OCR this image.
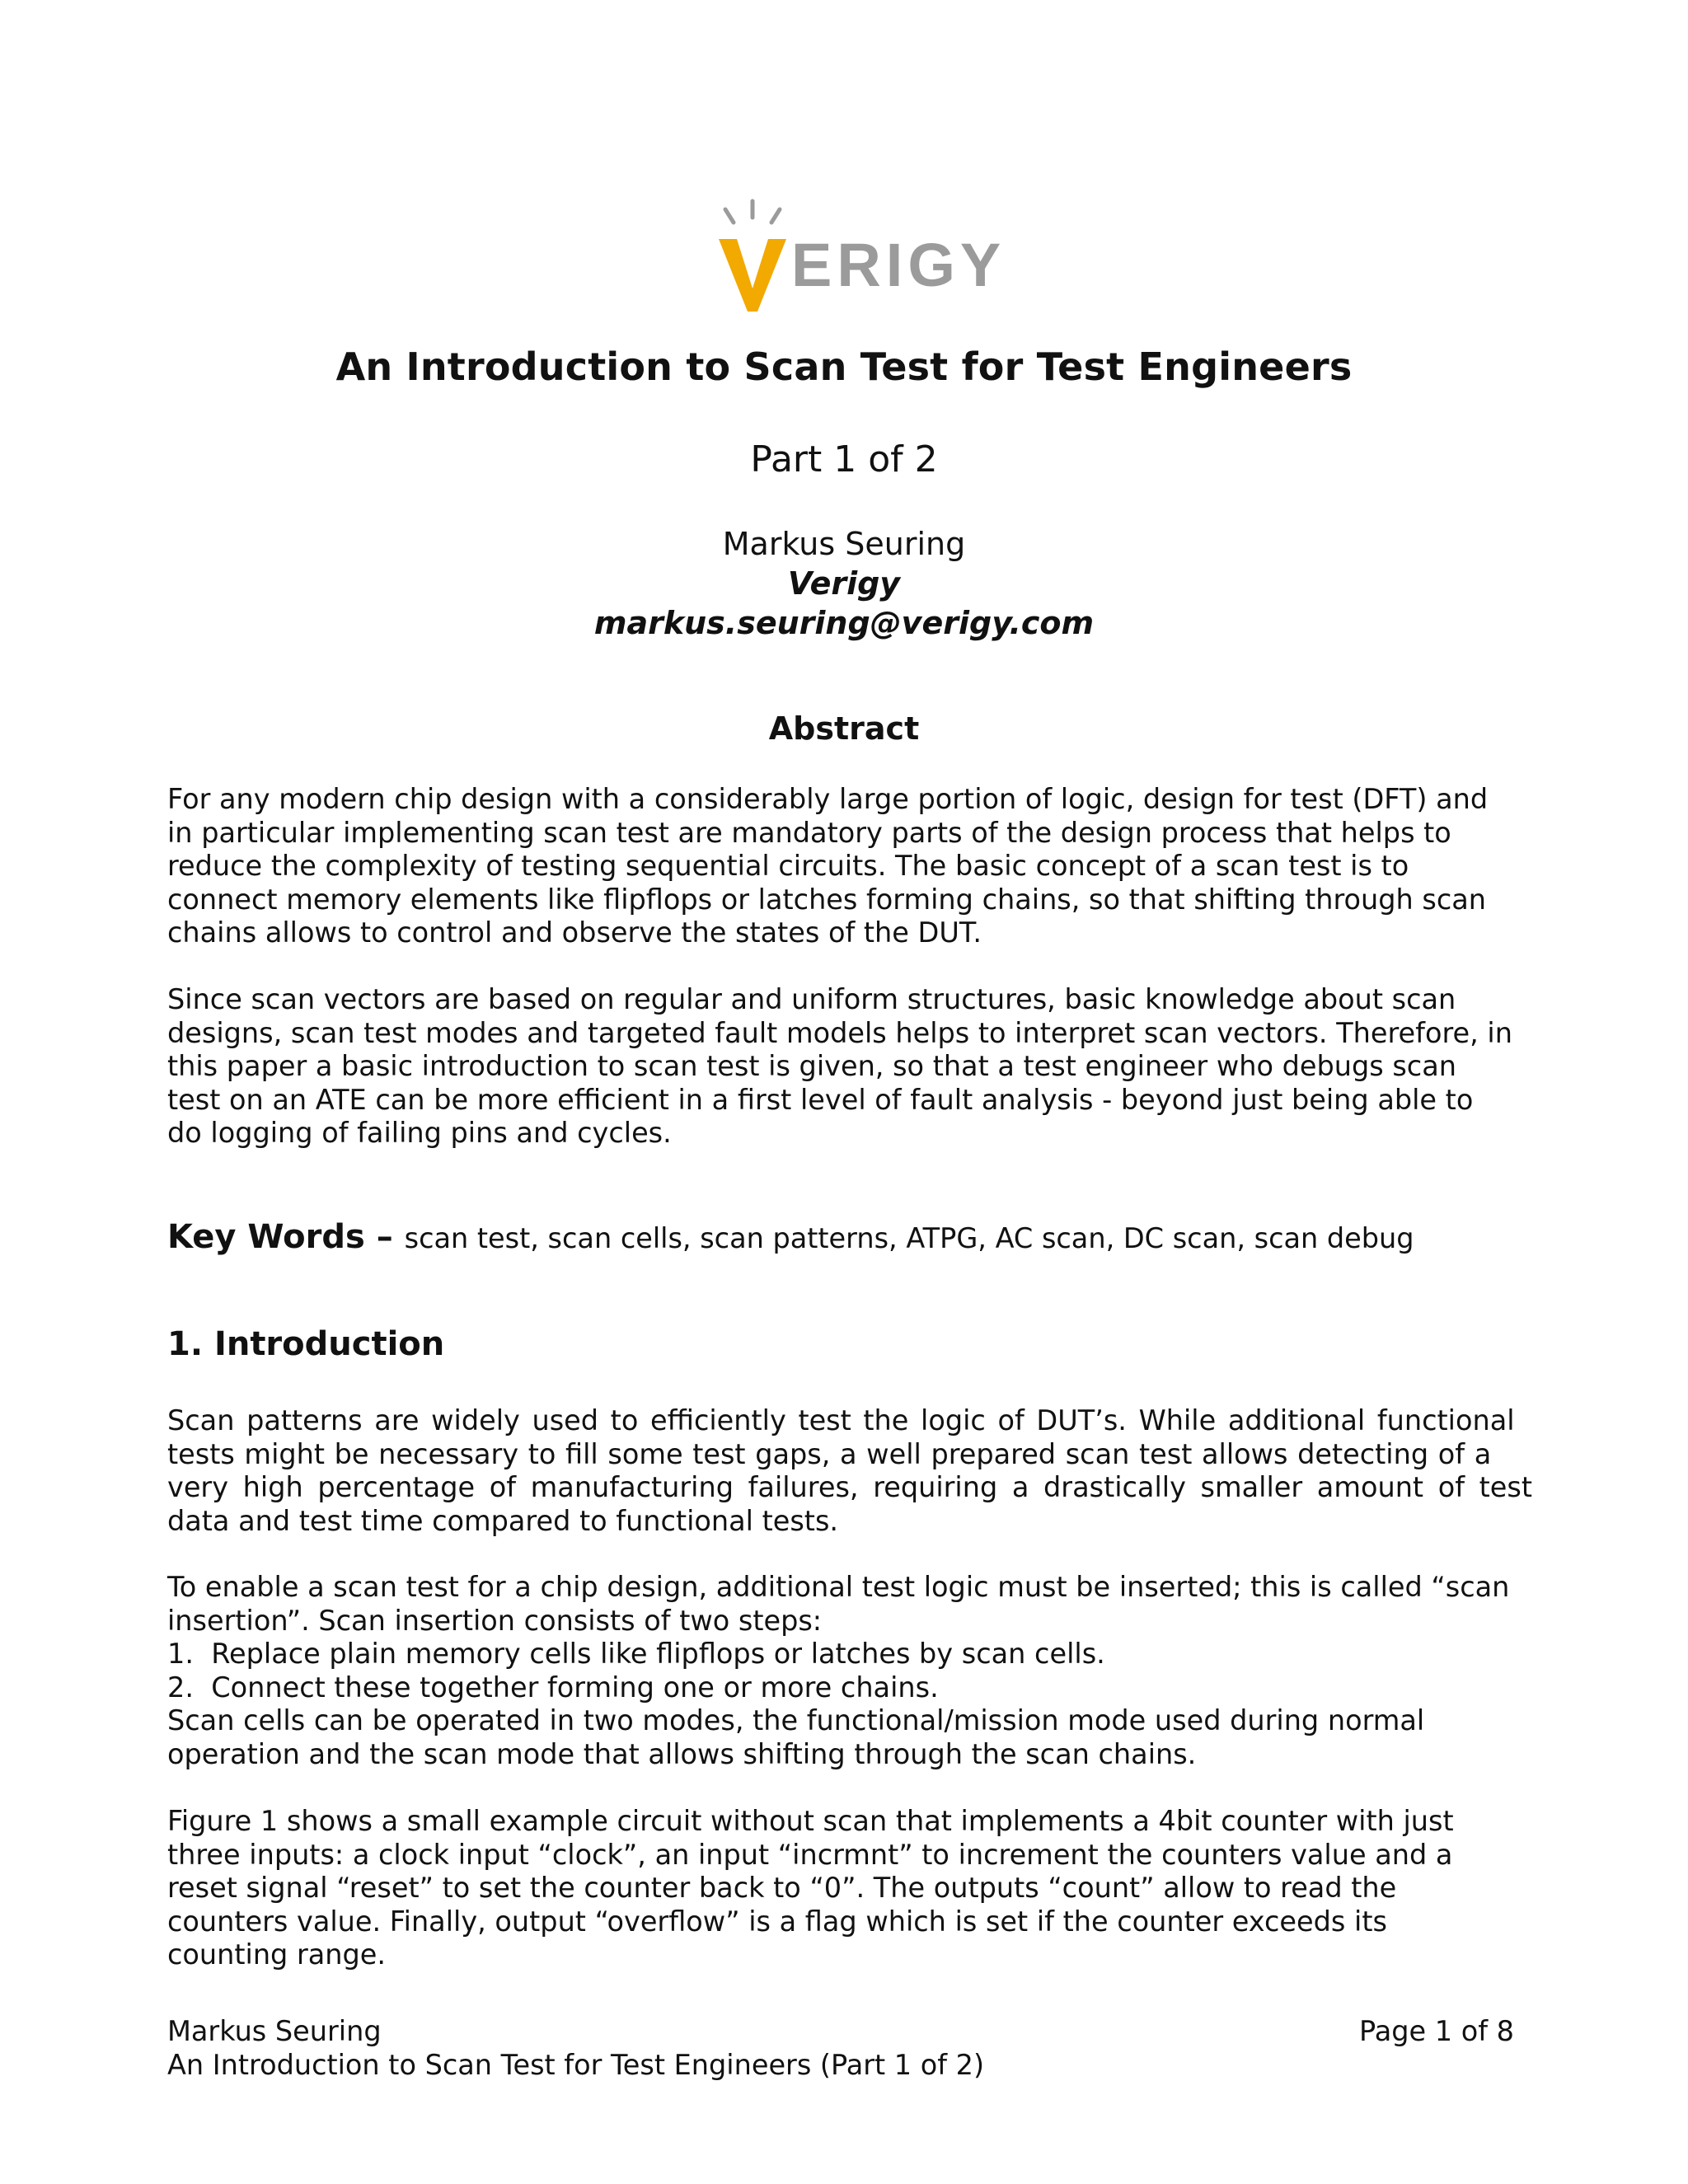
ERIGY
An Introduction to Scan Test for Test Engineers
Part 1 of 2
Markus Seuring
Verigy
markus.seuring@verigy.com
Abstract

For any modern chip design with a considerably large portion of logic, design for test (DFT) and
in particular implementing scan test are mandatory parts of the design process that helps to
reduce the complexity of testing sequential circuits. The basic concept of a scan test is to
connect memory elements like flipflops or latches forming chains, so that shifting through scan
chains allows to control and observe the states of the DUT.

Since scan vectors are based on regular and uniform structures, basic knowledge about scan
designs, scan test modes and targeted fault models helps to interpret scan vectors. Therefore, in
this paper a basic introduction to scan test is given, so that a test engineer who debugs scan
test on an ATE can be more efficient in a first level of fault analysis - beyond just being able to
do logging of failing pins and cycles.

Key Words – scan test, scan cells, scan patterns, ATPG, AC scan, DC scan, scan debug
1. Introduction

Scan patterns are widely used to efficiently test the logic of DUT’s. While additional functional
tests might be necessary to fill some test gaps, a well prepared scan test allows detecting of a
very high percentage of manufacturing failures, requiring a drastically smaller amount of test
data and test time compared to functional tests.

To enable a scan test for a chip design, additional test logic must be inserted; this is called “scan
insertion”. Scan insertion consists of two steps:
1.  Replace plain memory cells like flipflops or latches by scan cells.
2.  Connect these together forming one or more chains.
Scan cells can be operated in two modes, the functional/mission mode used during normal
operation and the scan mode that allows shifting through the scan chains.

Figure 1 shows a small example circuit without scan that implements a 4bit counter with just
three inputs: a clock input “clock”, an input “incrmnt” to increment the counters value and a
reset signal “reset” to set the counter back to “0”. The outputs “count” allow to read the
counters value. Finally, output “overflow” is a flag which is set if the counter exceeds its
counting range.

Markus Seuring	Page 1 of 8
An Introduction to Scan Test for Test Engineers (Part 1 of 2)
